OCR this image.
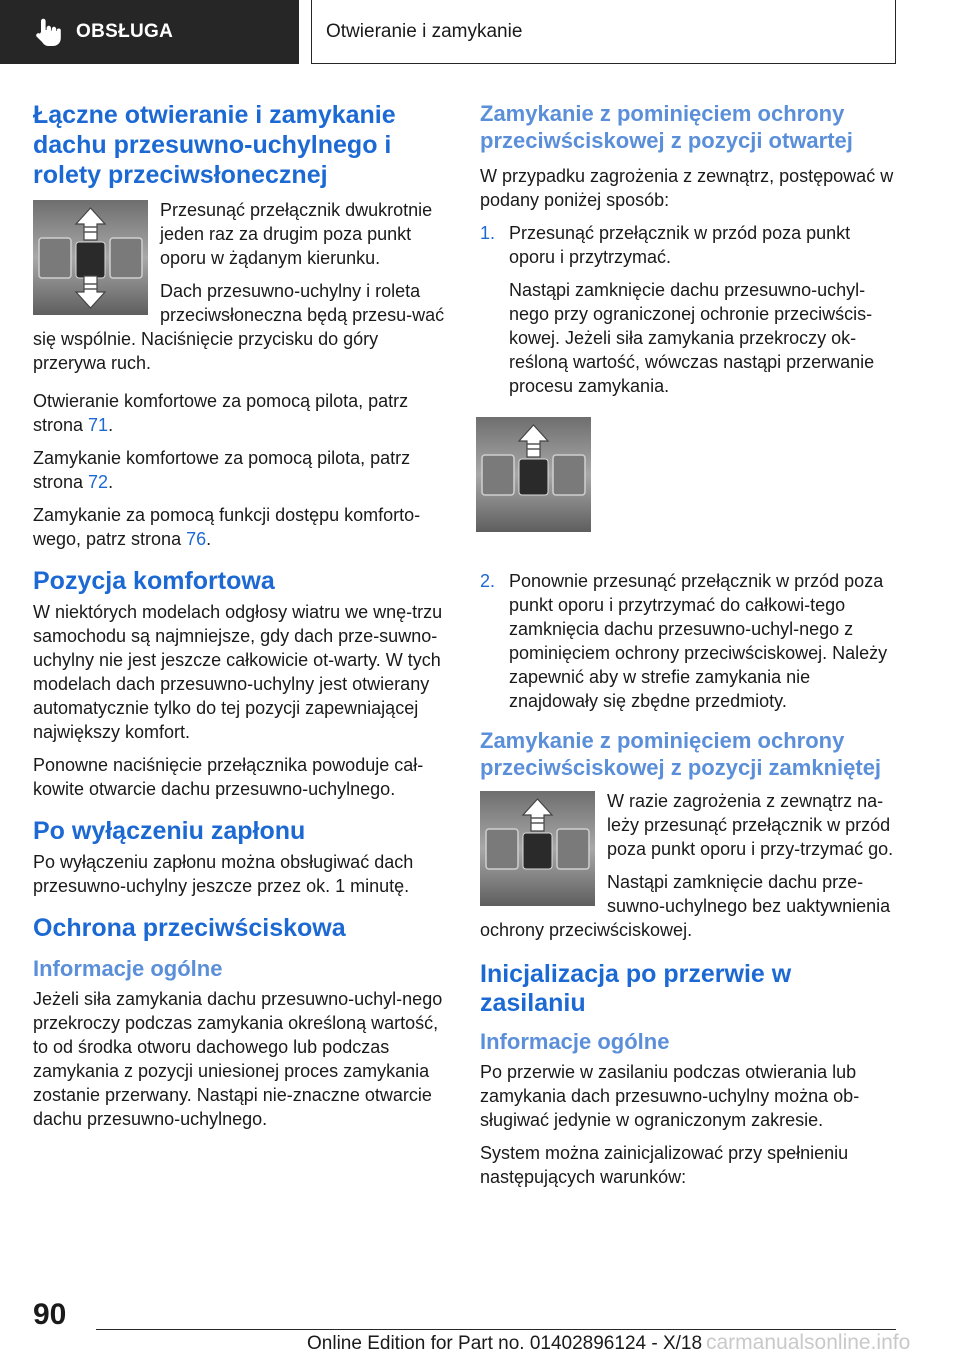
OBSŁUGA	Otwieranie i zamykanie
Łączne otwieranie i zamykanie dachu przesuwno-uchylnego i rolety przeciwsłonecznej

Przesunąć przełącznik dwukrotnie jeden raz za drugim poza punkt oporu w żądanym kierunku.

Dach przesuwno-uchylny i roleta przeciwsłoneczna będą przesu-wać się wspólnie. Naciśnięcie przycisku do góry przerywa ruch.

Otwieranie komfortowe za pomocą pilota, patrz strona 71.

Zamykanie komfortowe za pomocą pilota, patrz strona 72.

Zamykanie za pomocą funkcji dostępu komforto-wego, patrz strona 76.

Pozycja komfortowa

W niektórych modelach odgłosy wiatru we wnę-trzu samochodu są najmniejsze, gdy dach prze-suwno-uchylny nie jest jeszcze całkowicie ot-warty. W tych modelach dach przesuwno-uchylny jest otwierany automatycznie tylko do tej pozycji zapewniającej największy komfort.

Ponowne naciśnięcie przełącznika powoduje cał-kowite otwarcie dachu przesuwno-uchylnego.

Po wyłączeniu zapłonu

Po wyłączeniu zapłonu można obsługiwać dach przesuwno-uchylny jeszcze przez ok. 1 minutę.

Ochrona przeciwściskowa
Informacje ogólne

Jeżeli siła zamykania dachu przesuwno-uchyl-nego przekroczy podczas zamykania określoną wartość, to od środka otworu dachowego lub podczas zamykania z pozycji uniesionej proces zamykania zostanie przerwany. Nastąpi nie-znaczne otwarcie dachu przesuwno-uchylnego.

Zamykanie z pominięciem ochrony przeciwściskowej z pozycji otwartej

W przypadku zagrożenia z zewnątrz, postępować w podany poniżej sposób:

1. Przesunąć przełącznik w przód poza punkt oporu i przytrzymać.

Nastąpi zamknięcie dachu przesuwno-uchyl-nego przy ograniczonej ochronie przeciwścis-kowej. Jeżeli siła zamykania przekroczy ok-reśloną wartość, wówczas nastąpi przerwanie procesu zamykania.

2. Ponownie przesunąć przełącznik w przód poza punkt oporu i przytrzymać do całkowi-tego zamknięcia dachu przesuwno-uchyl-nego z pominięciem ochrony przeciwściskowej. Należy zapewnić aby w strefie zamykania nie znajdowały się zbędne przedmioty.

Zamykanie z pominięciem ochrony przeciwściskowej z pozycji zamkniętej

W razie zagrożenia z zewnątrz na-leży przesunąć przełącznik w przód poza punkt oporu i przy-trzymać go.

Nastąpi zamknięcie dachu prze-suwno-uchylnego bez uaktywnienia ochrony przeciwściskowej.

Inicjalizacja po przerwie w zasilaniu
Informacje ogólne

Po przerwie w zasilaniu podczas otwierania lub zamykania dach przesuwno-uchylny można ob-sługiwać jedynie w ograniczonym zakresie.

System można zainicjalizować przy spełnieniu następujących warunków:

90
Online Edition for Part no. 01402896124 - X/18 carmanualsonline.info
